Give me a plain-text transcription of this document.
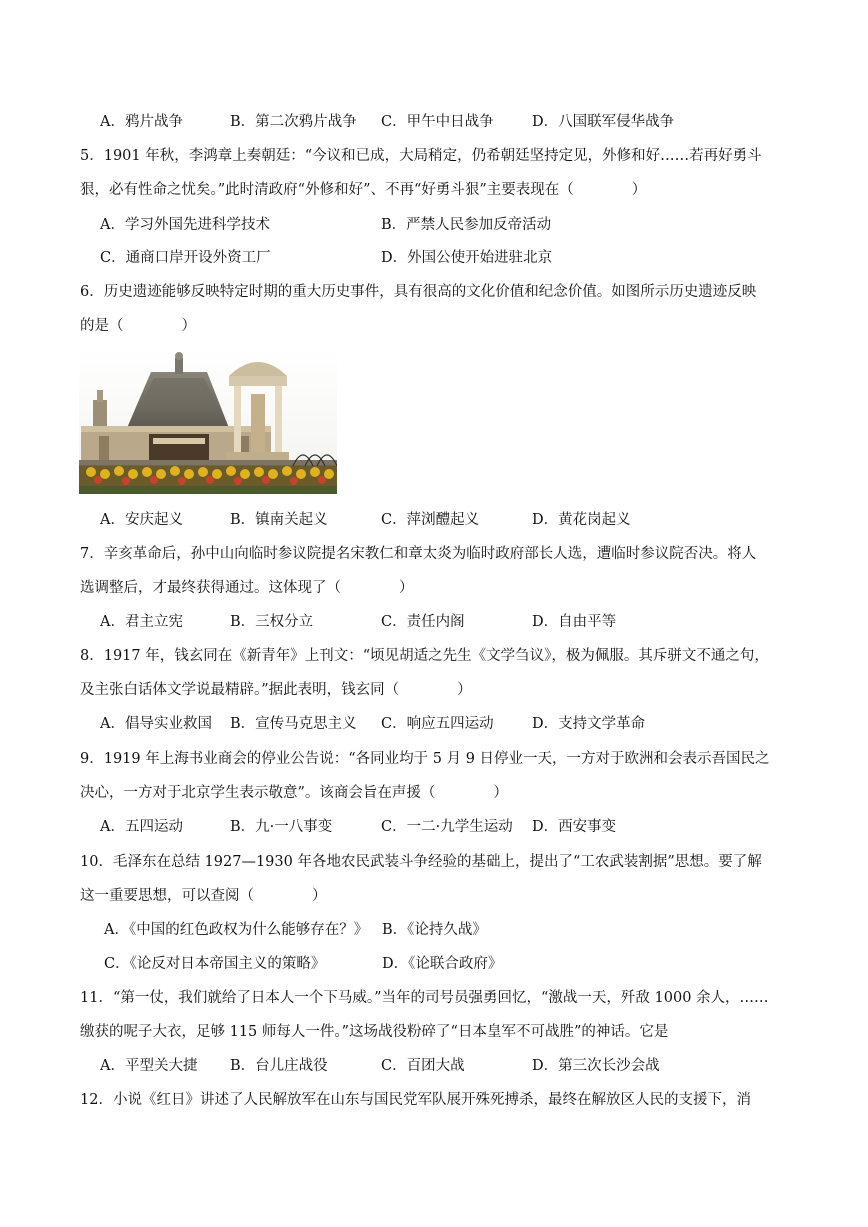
A．鸦片战争	B．第二次鸦片战争 C．甲午中日战争	D．八国联军侵华战争
5．1901 年秋，李鸿章上奏朝廷：“今议和已成，大局稍定，仍希朝廷坚持定见，外修和好……若再好勇斗
狠，必有性命之忧矣。”此时清政府“外修和好”、不再“好勇斗狠”主要表现在（　　　　）
A．学习外国先进科学技术	B．严禁人民参加反帝活动
C．通商口岸开设外资工厂	D．外国公使开始进驻北京
6．历史遗迹能够反映特定时期的重大历史事件，具有很高的文化价值和纪念价值。如图所示历史遗迹反映
的是（　　　　）
A．安庆起义	B．镇南关起义	C．萍浏醴起义	D．黄花岗起义
7．辛亥革命后，孙中山向临时参议院提名宋教仁和章太炎为临时政府部长人选，遭临时参议院否决。将人
选调整后，才最终获得通过。这体现了（　　　　）
A．君主立宪	B．三权分立	C．责任内阁	D．自由平等
8．1917 年，钱玄同在《新青年》上刊文：“顷见胡适之先生《文学刍议》，极为佩服。其斥骈文不通之句，
及主张白话体文学说最精辟。”据此表明，钱玄同（　　　　）
A．倡导实业救国 B．宣传马克思主义 C．响应五四运动	D．支持文学革命
9．1919 年上海书业商会的停业公告说：“各同业均于 5 月 9 日停业一天，一方对于欧洲和会表示吾国民之
决心，一方对于北京学生表示敬意”。该商会旨在声援（　　　　）
A．五四运动	B．九·一八事变	C．一二·九学生运动 D．西安事变
10．毛泽东在总结 1927—1930 年各地农民武装斗争经验的基础上，提出了“工农武装割据”思想。要了解
这一重要思想，可以查阅（　　　　）
A．《中国的红色政权为什么能够存在？》 B．《论持久战》
C．《论反对日本帝国主义的策略》	D．《论联合政府》
11．“第一仗，我们就给了日本人一个下马威。”当年的司号员强勇回忆，“激战一天，歼敌 1000 余人，……
缴获的呢子大衣，足够 115 师每人一件。”这场战役粉碎了“日本皇军不可战胜”的神话。它是
A．平型关大捷 B．台儿庄战役	C．百团大战	D．第三次长沙会战
12．小说《红日》讲述了人民解放军在山东与国民党军队展开殊死搏杀，最终在解放区人民的支援下，消
